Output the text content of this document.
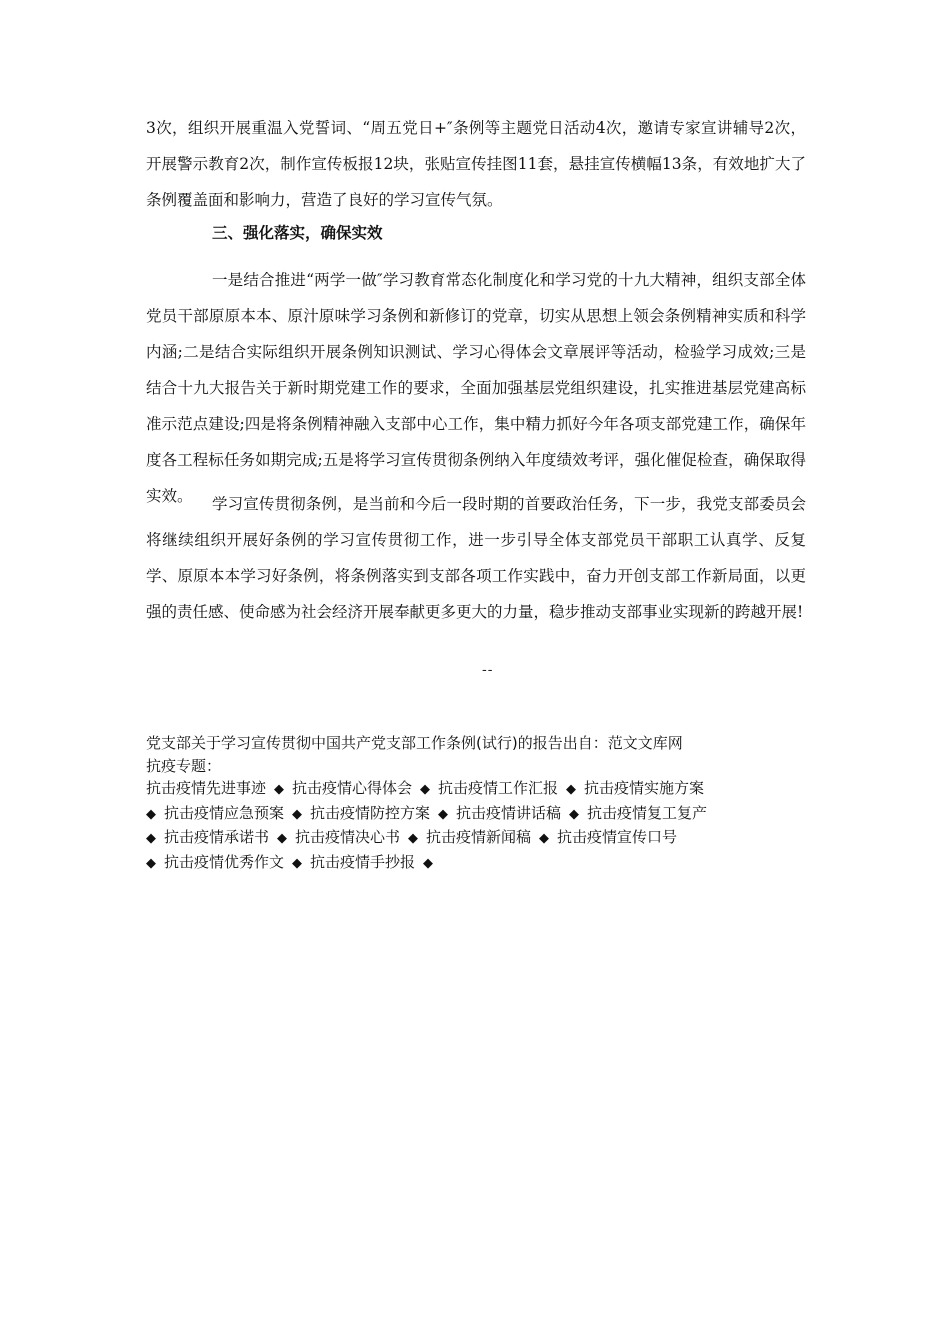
3次，组织开展重温入党誓词、“周五党日+″条例等主题党日活动4次，邀请专家宣讲辅导2次，开展警示教育2次，制作宣传板报12块，张贴宣传挂图11套，悬挂宣传横幅13条，有效地扩大了条例覆盖面和影响力，营造了良好的学习宣传气氛。

三、强化落实，确保实效

一是结合推进“两学一做″学习教育常态化制度化和学习党的十九大精神，组织支部全体党员干部原原本本、原汁原味学习条例和新修订的党章，切实从思想上领会条例精神实质和科学内涵;二是结合实际组织开展条例知识测试、学习心得体会文章展评等活动，检验学习成效;三是结合十九大报告关于新时期党建工作的要求，全面加强基层党组织建设，扎实推进基层党建高标准示范点建设;四是将条例精神融入支部中心工作，集中精力抓好今年各项支部党建工作，确保年度各工程标任务如期完成;五是将学习宣传贯彻条例纳入年度绩效考评，强化催促检查，确保取得实效。	学习宣传贯彻条例，是当前和今后一段时期的首要政治任务，下一步，我党支部委员会将继续组织开展好条例的学习宣传贯彻工作，进一步引导全体支部党员干部职工认真学、反复学、原原本本学习好条例，将条例落实到支部各项工作实践中，奋力开创支部工作新局面，以更强的责任感、使命感为社会经济开展奉献更多更大的力量，稳步推动支部事业实现新的跨越开展!

--

党支部关于学习宣传贯彻中国共产党支部工作条例(试行)的报告出自：范文文库网

抗疫专题：

抗击疫情先进事迹 ◆ 抗击疫情心得体会 ◆ 抗击疫情工作汇报 ◆ 抗击疫情实施方案
◆ 抗击疫情应急预案 ◆ 抗击疫情防控方案 ◆ 抗击疫情讲话稿 ◆ 抗击疫情复工复产
◆ 抗击疫情承诺书 ◆ 抗击疫情决心书 ◆ 抗击疫情新闻稿 ◆ 抗击疫情宣传口号
◆ 抗击疫情优秀作文 ◆ 抗击疫情手抄报 ◆
